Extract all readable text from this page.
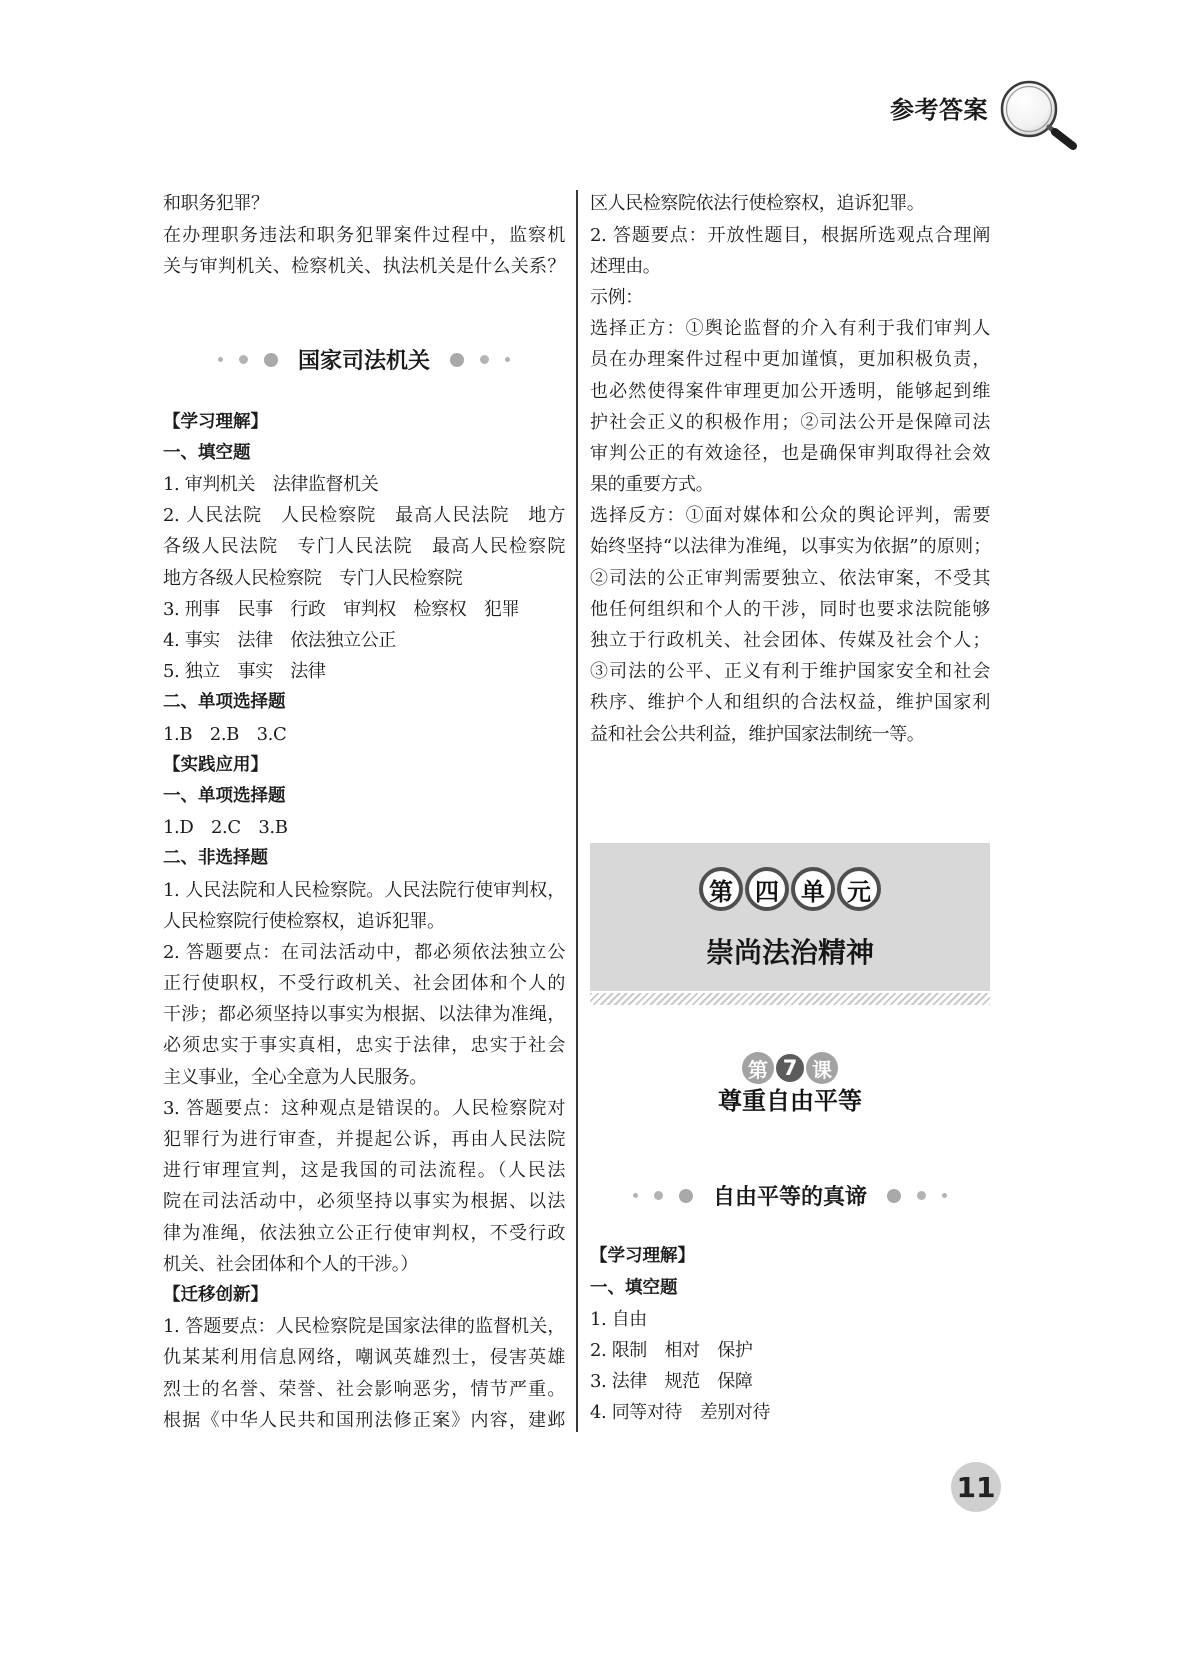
参考答案
和职务犯罪？
在办理职务违法和职务犯罪案件过程中，监察机
关与审判机关、检察机关、执法机关是什么关系？
国家司法机关
【学习理解】
一、填空题
1. 审判机关　法律监督机关
2. 人民法院　人民检察院　最高人民法院　地方
各级人民法院　专门人民法院　最高人民检察院
地方各级人民检察院　专门人民检察院
3. 刑事　民事　行政　审判权　检察权　犯罪
4. 事实　法律　依法独立公正
5. 独立　事实　法律
二、单项选择题
1.B　2.B　3.C
【实践应用】
一、单项选择题
1.D　2.C　3.B
二、非选择题
1. 人民法院和人民检察院。人民法院行使审判权，
人民检察院行使检察权，追诉犯罪。
2. 答题要点：在司法活动中，都必须依法独立公
正行使职权，不受行政机关、社会团体和个人的
干涉；都必须坚持以事实为根据、以法律为准绳，
必须忠实于事实真相，忠实于法律，忠实于社会
主义事业，全心全意为人民服务。
3. 答题要点：这种观点是错误的。人民检察院对
犯罪行为进行审查，并提起公诉，再由人民法院
进行审理宣判，这是我国的司法流程。（人民法
院在司法活动中，必须坚持以事实为根据、以法
律为准绳，依法独立公正行使审判权，不受行政
机关、社会团体和个人的干涉。）
【迁移创新】
1. 答题要点：人民检察院是国家法律的监督机关，
仇某某利用信息网络，嘲讽英雄烈士，侵害英雄
烈士的名誉、荣誉、社会影响恶劣，情节严重。
根据《中华人民共和国刑法修正案》内容，建邺
区人民检察院依法行使检察权，追诉犯罪。
2. 答题要点：开放性题目，根据所选观点合理阐
述理由。
示例：
选择正方：①舆论监督的介入有利于我们审判人
员在办理案件过程中更加谨慎，更加积极负责，
也必然使得案件审理更加公开透明，能够起到维
护社会正义的积极作用；②司法公开是保障司法
审判公正的有效途径，也是确保审判取得社会效
果的重要方式。
选择反方：①面对媒体和公众的舆论评判，需要
始终坚持“以法律为准绳，以事实为依据”的原则；
②司法的公正审判需要独立、依法审案，不受其
他任何组织和个人的干涉，同时也要求法院能够
独立于行政机关、社会团体、传媒及社会个人；
③司法的公平、正义有利于维护国家安全和社会
秩序、维护个人和组织的合法权益，维护国家利
益和社会公共利益，维护国家法制统一等。
第 四 单 元
崇尚法治精神
第 7 课
尊重自由平等
自由平等的真谛
【学习理解】
一、填空题
1. 自由
2. 限制　相对　保护
3. 法律　规范　保障
4. 同等对待　差别对待
11
